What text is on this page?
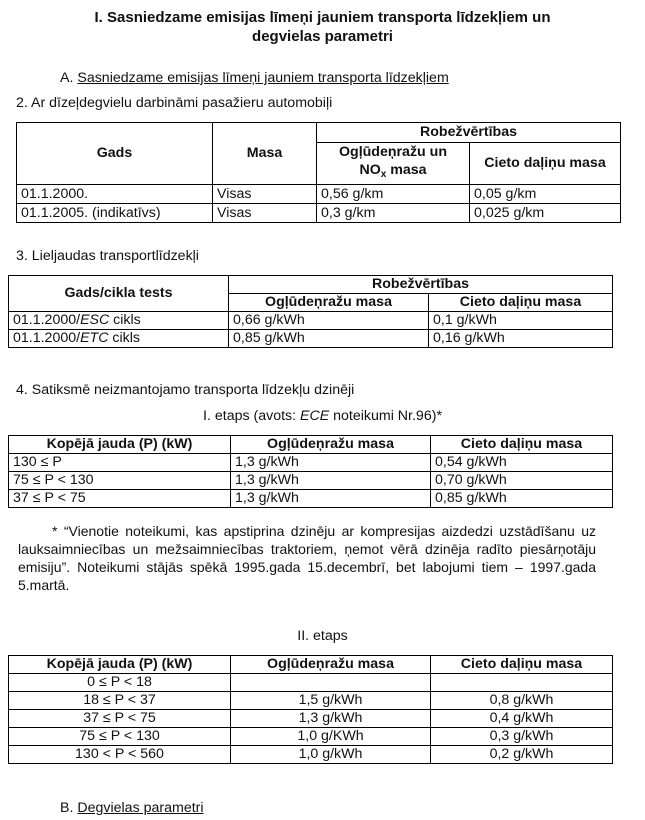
I. Sasniedzame emisijas līmeņi jauniem transporta līdzekļiem un
degvielas parametri
A. Sasniedzame emisijas līmeņi jauniem transporta līdzekļiem
2. Ar dīzeļdegvielu darbināmi pasažieru automobiļi
Gads	Masa	Robežvērtības	
		Ogļūdeņražu un
$NO_x$ masa	Cieto daļiņu masa
01.1.2000.	Visas	0,56 g/km	0,05 g/km
01.1.2005. (indikatīvs)	Visas	0,3 g/km	0,025 g/km
3. Lieljaudas transportlīdzekļi
Gads/cikla tests	Robežvērtības	
	Ogļūdeņražu masa	Cieto daļiņu masa
01.1.2000/ESC cikls	0,66 g/kWh	0,1 g/kWh
01.1.2000/ETC cikls	0,85 g/kWh	0,16 g/kWh
4. Satiksmē neizmantojamo transporta līdzekļu dzinēji
I. etaps (avots: ECE noteikumi Nr.96)*
Kopējā jauda (P) (kW)	Ogļūdeņražu masa	Cieto daļiņu masa
130 ≤ P	1,3 g/kWh	0,54 g/kWh
75 ≤ P < 130	1,3 g/kWh	0,70 g/kWh
37 ≤ P < 75	1,3 g/kWh	0,85 g/kWh
* “Vienotie noteikumi, kas apstiprina dzinēju ar kompresijas aizdedzi uzstādīšanu uz lauksaimniecības un mežsaimniecības traktoriem, ņemot vērā dzinēja radīto piesārņotāju emisiju”. Noteikumi stājās spēkā 1995.gada 15.decembrī, bet labojumi tiem – 1997.gada 5.martā.
II. etaps
Kopējā jauda (P) (kW)	Ogļūdeņražu masa	Cieto daļiņu masa
0 ≤ P < 18		
18 ≤ P < 37	1,5 g/kWh	0,8 g/kWh
37 ≤ P < 75	1,3 g/kWh	0,4 g/kWh
75 ≤ P < 130	1,0 g/KWh	0,3 g/kWh
130 < P < 560	1,0 g/kWh	0,2 g/kWh
B. Degvielas parametri
